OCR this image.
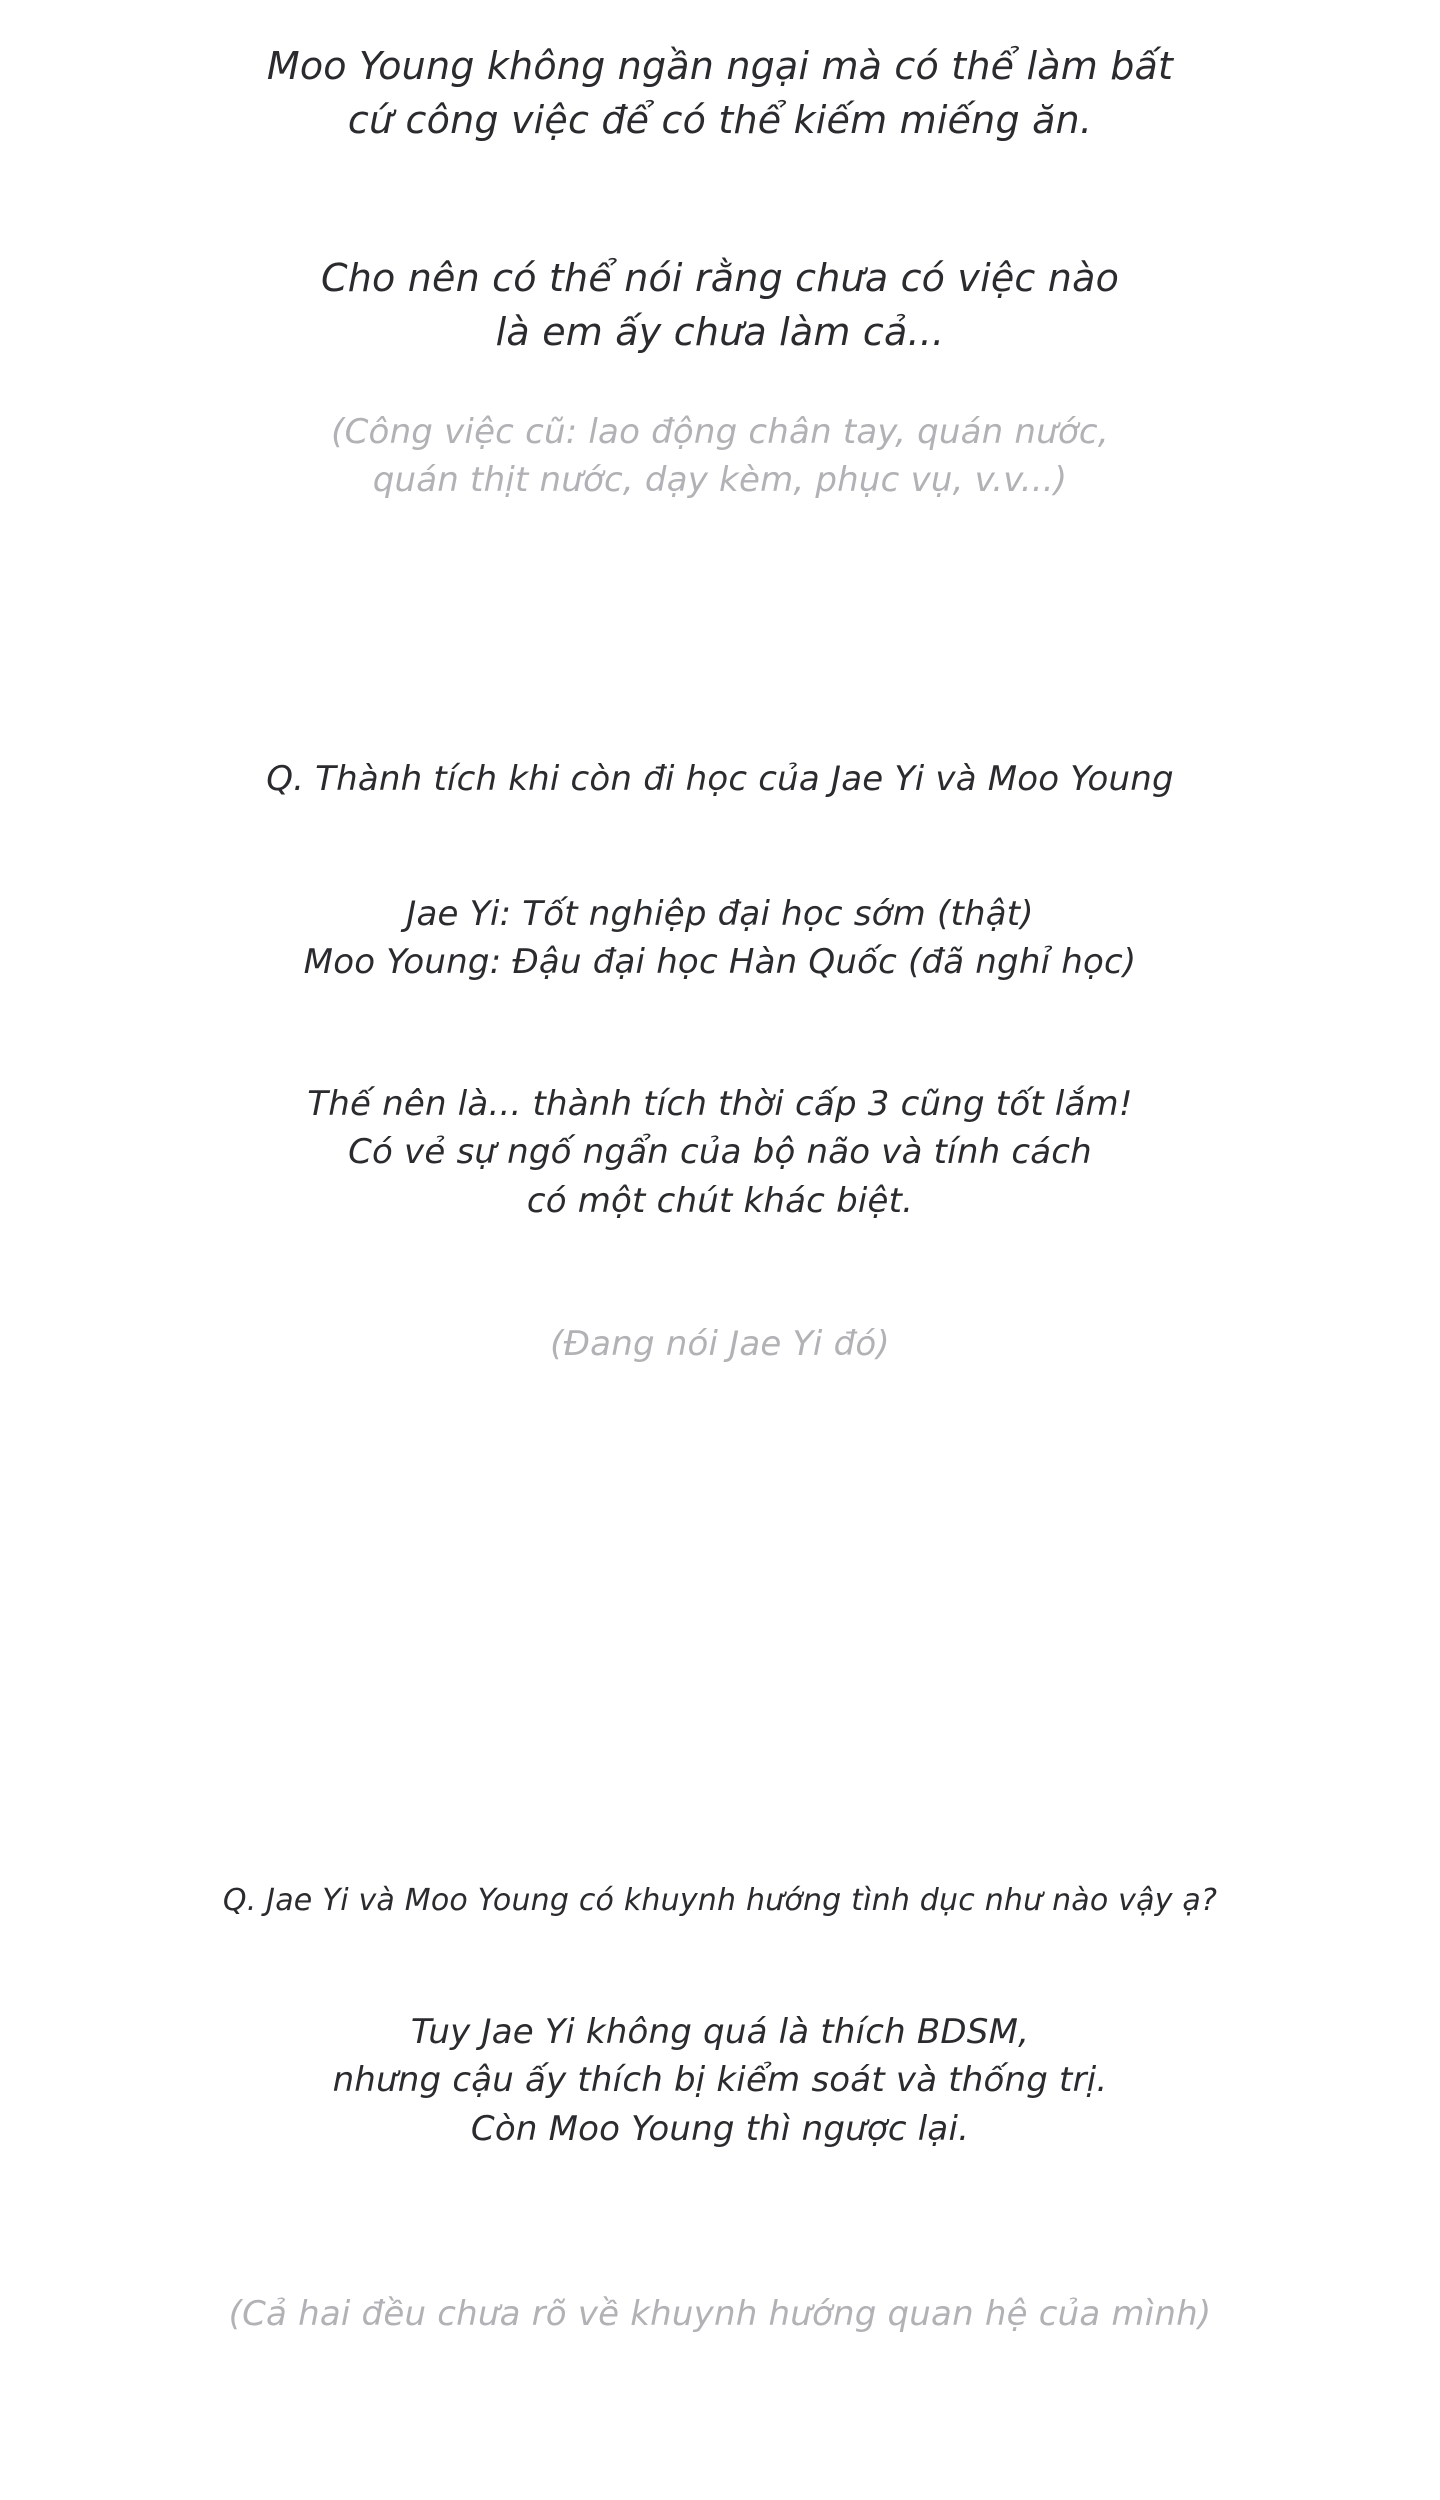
Moo Young không ngần ngại mà có thể làm bất
cứ công việc để có thể kiếm miếng ăn.
Cho nên có thể nói rằng chưa có việc nào
là em ấy chưa làm cả...
(Công việc cũ: lao động chân tay, quán nước,
quán thịt nước, dạy kèm, phục vụ, v.v...)
Q. Thành tích khi còn đi học của Jae Yi và Moo Young
Jae Yi: Tốt nghiệp đại học sớm (thật)
Moo Young: Đậu đại học Hàn Quốc (đã nghỉ học)
Thế nên là... thành tích thời cấp 3 cũng tốt lắm!
Có vẻ sự ngố ngẩn của bộ não và tính cách
có một chút khác biệt.
(Đang nói Jae Yi đó)
Q. Jae Yi và Moo Young có khuynh hướng tình dục như nào vậy ạ?
Tuy Jae Yi không quá là thích BDSM,
nhưng cậu ấy thích bị kiểm soát và thống trị.
Còn Moo Young thì ngược lại.
(Cả hai đều chưa rõ về khuynh hướng quan hệ của mình)
